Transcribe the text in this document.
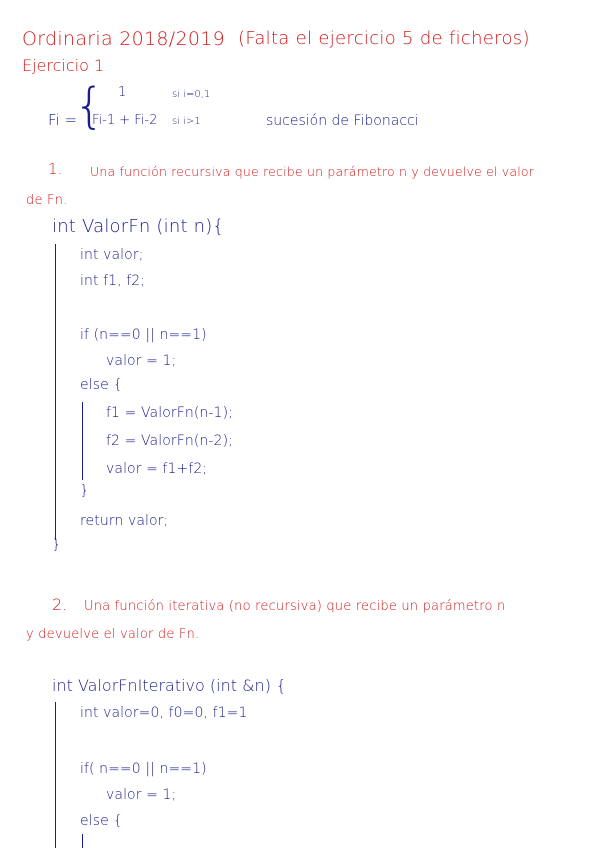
Ordinaria 2018/2019 (Falta el ejercicio 5 de ficheros)
Ejercicio 1
Fi =
{ 1	si i=0,1
Fi-1 + Fi-2 si i>1	sucesión de Fibonacci
1. Una función recursiva que recibe un parámetro n y devuelve el valor
de Fn.
int ValorFn (int n){
int valor;
int f1, f2;
if (n==0 || n==1)
valor = 1;
else {
f1 = ValorFn(n-1);
f2 = ValorFn(n-2);
valor = f1+f2;
}
return valor;
}
2. Una función iterativa (no recursiva) que recibe un parámetro n
y devuelve el valor de Fn.
int ValorFnIterativo (int &n) {
int valor=0, f0=0, f1=1
if( n==0 || n==1)
valor = 1;
else {
